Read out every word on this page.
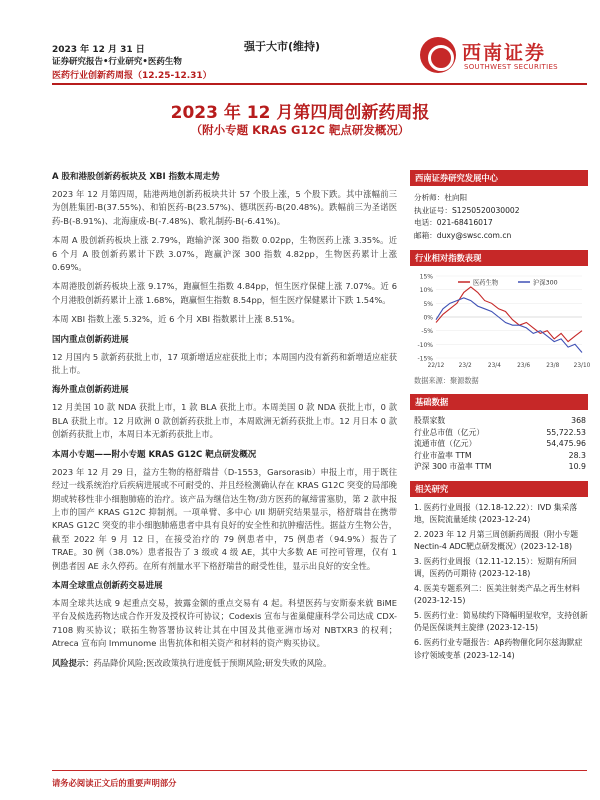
2023 年 12 月 31 日
证券研究报告•行业研究•医药生物
医药行业创新药周报（12.25-12.31）
强于大市(维持)	西南证券
SOUTHWEST SECURITIES
2023 年 12 月第四周创新药周报
（附小专题 KRAS G12C 靶点研发概况）
A 股和港股创新药板块及 XBI 指数本周走势
2023 年 12 月第四周，陆港两地创新药板块共计 57 个股上涨，5 个股下跌。其中涨幅前三为创胜集团-B(37.55%)、和铂医药-B(23.57%)、德琪医药-B(20.48%)。跌幅前三为圣诺医药-B(-8.91%)、北海康成-B(-7.48%)、歌礼制药-B(-6.41%)。
本周 A 股创新药板块上涨 2.79%，跑输沪深 300 指数 0.02pp，生物医药上涨 3.35%。近 6 个月 A 股创新药累计下跌 3.07%，跑赢沪深 300 指数 4.82pp，生物医药累计上涨 0.69%。
本周港股创新药板块上涨 9.17%，跑赢恒生指数 4.84pp，恒生医疗保健上涨 7.07%。近 6 个月港股创新药累计上涨 1.68%，跑赢恒生指数 8.54pp，恒生医疗保健累计下跌 1.54%。
本周 XBI 指数上涨 5.32%，近 6 个月 XBI 指数累计上涨 8.51%。
国内重点创新药进展
12 月国内 5 款新药获批上市，17 项新增适应症获批上市；本周国内没有新药和新增适应症获批上市。
海外重点创新药进展
12 月美国 10 款 NDA 获批上市，1 款 BLA 获批上市。本周美国 0 款 NDA 获批上市，0 款 BLA 获批上市。12 月欧洲 0 款创新药获批上市，本周欧洲无新药获批上市。12 月日本 0 款创新药获批上市，本周日本无新药获批上市。
本周小专题——附小专题 KRAS G12C 靶点研发概况
2023 年 12 月 29 日，益方生物的格舒瑞昔（D-1553，Garsorasib）申报上市，用于既往经过一线系统治疗后疾病进展或不可耐受的、并且经检测确认存在 KRAS G12C 突变的局部晚期或转移性非小细胞肺癌的治疗。该产品为继信达生物/劲方医药的氟缔雷塞肋，第 2 款申报上市的国产 KRAS G12C 抑制剂。一项单臂、多中心 I/II 期研究结果显示，格舒瑞昔在携带 KRAS G12C 突变的非小细胞肺癌患者中具有良好的安全性和抗肿瘤活性。据益方生物公告，截至 2022 年 9 月 12 日，在接受治疗的 79 例患者中，75 例患者（94.9%）报告了 TRAE。30 例（38.0%）患者报告了 3 级或 4 级 AE，其中大多数 AE 可控可管理，仅有 1 例患者因 AE 永久停药。在所有剂量水平下格舒瑞昔的耐受性佳，显示出良好的安全性。
本周全球重点创新药交易进展
本周全球共达成 9 起重点交易，披露金额的重点交易有 4 起。科望医药与安斯泰来就 BiME 平台及候选药物达成合作开发及授权许可协议；Codexis 宣布与雀巢健康科学公司达成 CDX-7108 购买协议；联拓生物答署协议转让其在中国及其他亚洲市场对 NBTXR3 的权利；Atreca 宣布向 Immunome 出售抗体和相关资产和材料的资产购买协议。
风险提示：药品降价风险;医改政策执行进度低于预期风险;研发失败的风险。
西南证券研究发展中心
分析师：杜向阳
执业证号：S1250520030002
电话：021-68416017
邮箱：duxy@swsc.com.cn
行业相对指数表现
15%
10%
5%
0%
-5%
-10%
-15%
22/12 23/2	23/4	23/6	23/8 23/10
医药生物	沪深300
数据来源：聚源数据
基础数据
股票家数	368
行业总市值（亿元）	55,722.53
流通市值（亿元）	54,475.96
行业市盈率 TTM	28.3
沪深 300 市盈率 TTM	10.9
相关研究
1. 医药行业周报（12.18-12.22）：IVD 集采落地，医院流量延续 (2023-12-24)
2. 2023 年 12 月第三周创新药周报（附小专题 Nectin-4 ADC靶点研发概况）(2023-12-18)
3. 医药行业周报（12.11-12.15）：短期有所回调，医药仍可期待 (2023-12-18)
4. 医美专题系列二：医美注射类产品之再生材料 (2023-12-15)
5. 医药行业：简易续约下降幅明显收窄，支持创新仍是医保谈判主旋律 (2023-12-15)
6. 医药行业专题报告：Aβ药物催化阿尔兹海默症诊疗领域变革 (2023-12-14)
请务必阅读正文后的重要声明部分
